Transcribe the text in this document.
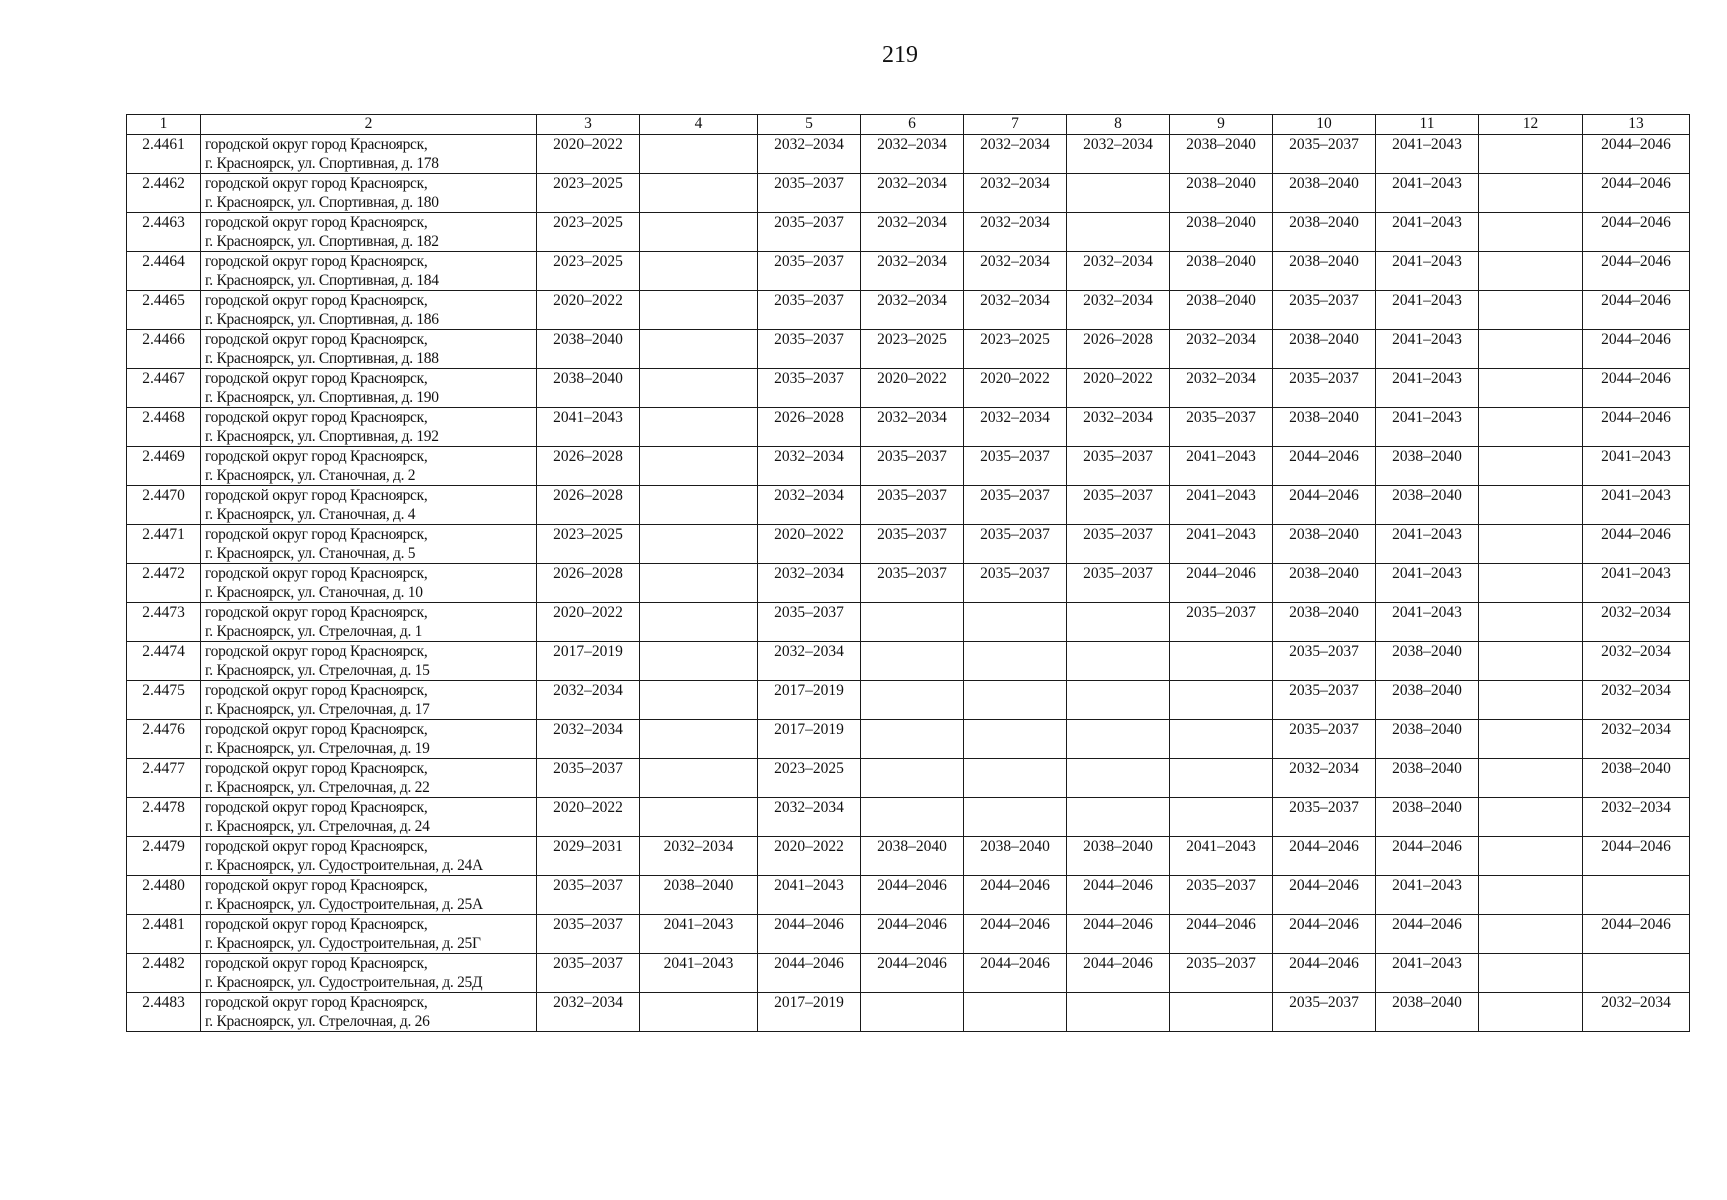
219
1	2	3	4	5	6	7	8	9	10	11	12	13
2.4461	городской округ город Красноярск,
г. Красноярск, ул. Спортивная, д. 178	2020–2022		2032–2034	2032–2034	2032–2034	2032–2034	2038–2040	2035–2037	2041–2043		2044–2046
2.4462	городской округ город Красноярск,
г. Красноярск, ул. Спортивная, д. 180	2023–2025		2035–2037	2032–2034	2032–2034		2038–2040	2038–2040	2041–2043		2044–2046
2.4463	городской округ город Красноярск,
г. Красноярск, ул. Спортивная, д. 182	2023–2025		2035–2037	2032–2034	2032–2034		2038–2040	2038–2040	2041–2043		2044–2046
2.4464	городской округ город Красноярск,
г. Красноярск, ул. Спортивная, д. 184	2023–2025		2035–2037	2032–2034	2032–2034	2032–2034	2038–2040	2038–2040	2041–2043		2044–2046
2.4465	городской округ город Красноярск,
г. Красноярск, ул. Спортивная, д. 186	2020–2022		2035–2037	2032–2034	2032–2034	2032–2034	2038–2040	2035–2037	2041–2043		2044–2046
2.4466	городской округ город Красноярск,
г. Красноярск, ул. Спортивная, д. 188	2038–2040		2035–2037	2023–2025	2023–2025	2026–2028	2032–2034	2038–2040	2041–2043		2044–2046
2.4467	городской округ город Красноярск,
г. Красноярск, ул. Спортивная, д. 190	2038–2040		2035–2037	2020–2022	2020–2022	2020–2022	2032–2034	2035–2037	2041–2043		2044–2046
2.4468	городской округ город Красноярск,
г. Красноярск, ул. Спортивная, д. 192	2041–2043		2026–2028	2032–2034	2032–2034	2032–2034	2035–2037	2038–2040	2041–2043		2044–2046
2.4469	городской округ город Красноярск,
г. Красноярск, ул. Станочная, д. 2	2026–2028		2032–2034	2035–2037	2035–2037	2035–2037	2041–2043	2044–2046	2038–2040		2041–2043
2.4470	городской округ город Красноярск,
г. Красноярск, ул. Станочная, д. 4	2026–2028		2032–2034	2035–2037	2035–2037	2035–2037	2041–2043	2044–2046	2038–2040		2041–2043
2.4471	городской округ город Красноярск,
г. Красноярск, ул. Станочная, д. 5	2023–2025		2020–2022	2035–2037	2035–2037	2035–2037	2041–2043	2038–2040	2041–2043		2044–2046
2.4472	городской округ город Красноярск,
г. Красноярск, ул. Станочная, д. 10	2026–2028		2032–2034	2035–2037	2035–2037	2035–2037	2044–2046	2038–2040	2041–2043		2041–2043
2.4473	городской округ город Красноярск,
г. Красноярск, ул. Стрелочная, д. 1	2020–2022		2035–2037				2035–2037	2038–2040	2041–2043		2032–2034
2.4474	городской округ город Красноярск,
г. Красноярск, ул. Стрелочная, д. 15	2017–2019		2032–2034					2035–2037	2038–2040		2032–2034
2.4475	городской округ город Красноярск,
г. Красноярск, ул. Стрелочная, д. 17	2032–2034		2017–2019					2035–2037	2038–2040		2032–2034
2.4476	городской округ город Красноярск,
г. Красноярск, ул. Стрелочная, д. 19	2032–2034		2017–2019					2035–2037	2038–2040		2032–2034
2.4477	городской округ город Красноярск,
г. Красноярск, ул. Стрелочная, д. 22	2035–2037		2023–2025					2032–2034	2038–2040		2038–2040
2.4478	городской округ город Красноярск,
г. Красноярск, ул. Стрелочная, д. 24	2020–2022		2032–2034					2035–2037	2038–2040		2032–2034
2.4479	городской округ город Красноярск,
г. Красноярск, ул. Судостроительная, д. 24А	2029–2031	2032–2034	2020–2022	2038–2040	2038–2040	2038–2040	2041–2043	2044–2046	2044–2046		2044–2046
2.4480	городской округ город Красноярск,
г. Красноярск, ул. Судостроительная, д. 25А	2035–2037	2038–2040	2041–2043	2044–2046	2044–2046	2044–2046	2035–2037	2044–2046	2041–2043		
2.4481	городской округ город Красноярск,
г. Красноярск, ул. Судостроительная, д. 25Г	2035–2037	2041–2043	2044–2046	2044–2046	2044–2046	2044–2046	2044–2046	2044–2046	2044–2046		2044–2046
2.4482	городской округ город Красноярск,
г. Красноярск, ул. Судостроительная, д. 25Д	2035–2037	2041–2043	2044–2046	2044–2046	2044–2046	2044–2046	2035–2037	2044–2046	2041–2043		
2.4483	городской округ город Красноярск,
г. Красноярск, ул. Стрелочная, д. 26	2032–2034		2017–2019					2035–2037	2038–2040		2032–2034
